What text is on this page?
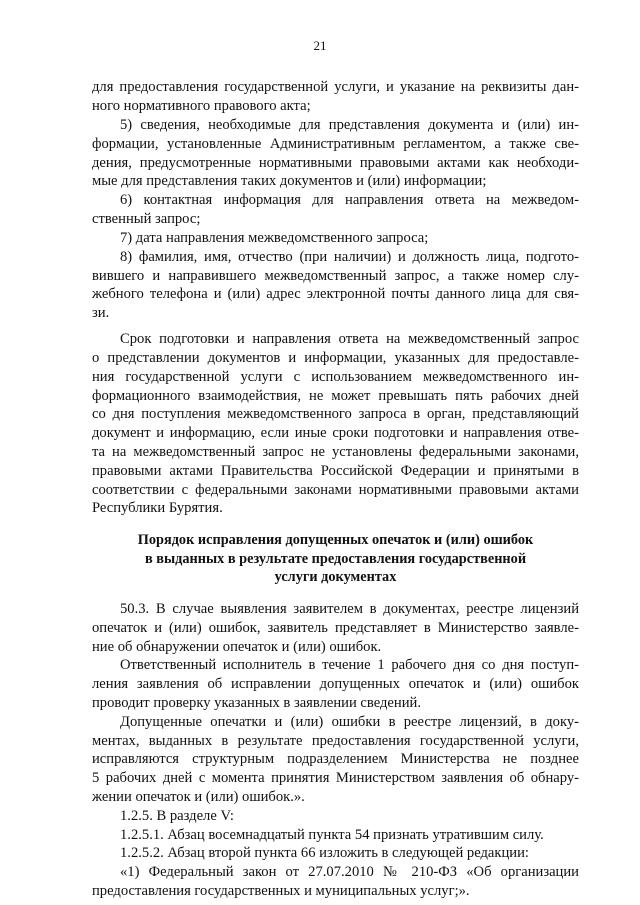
21
для предоставления государственной услуги, и указание на реквизиты дан-
ного нормативного правового акта;
5) сведения, необходимые для представления документа и (или) ин-
формации, установленные Административным регламентом, а также све-
дения, предусмотренные нормативными правовыми актами как необходи-
мые для представления таких документов и (или) информации;
6) контактная информация для направления ответа на межведом-
ственный запрос;
7) дата направления межведомственного запроса;
8) фамилия, имя, отчество (при наличии) и должность лица, подгото-
вившего и направившего межведомственный запрос, а также номер слу-
жебного телефона и (или) адрес электронной почты данного лица для свя-
зи.
Срок подготовки и направления ответа на межведомственный запрос
о представлении документов и информации, указанных для предоставле-
ния государственной услуги с использованием межведомственного ин-
формационного взаимодействия, не может превышать пять рабочих дней
со дня поступления межведомственного запроса в орган, представляющий
документ и информацию, если иные сроки подготовки и направления отве-
та на межведомственный запрос не установлены федеральными законами,
правовыми актами Правительства Российской Федерации и принятыми в
соответствии с федеральными законами нормативными правовыми актами
Республики Бурятия.
Порядок исправления допущенных опечаток и (или) ошибок
в выданных в результате предоставления государственной
услуги документах
50.3. В случае выявления заявителем в документах, реестре лицензий
опечаток и (или) ошибок, заявитель представляет в Министерство заявле-
ние об обнаружении опечаток и (или) ошибок.
Ответственный исполнитель в течение 1 рабочего дня со дня поступ-
ления заявления об исправлении допущенных опечаток и (или) ошибок
проводит проверку указанных в заявлении сведений.
Допущенные опечатки и (или) ошибки в реестре лицензий, в доку-
ментах, выданных в результате предоставления государственной услуги,
исправляются структурным подразделением Министерства не позднее
5 рабочих дней с момента принятия Министерством заявления об обнару-
жении опечаток и (или) ошибок.».
1.2.5. В разделе V:
1.2.5.1. Абзац восемнадцатый пункта 54 признать утратившим силу.
1.2.5.2. Абзац второй пункта 66 изложить в следующей редакции:
«1) Федеральный закон от 27.07.2010 № 210-ФЗ «Об организации
предоставления государственных и муниципальных услуг;».
